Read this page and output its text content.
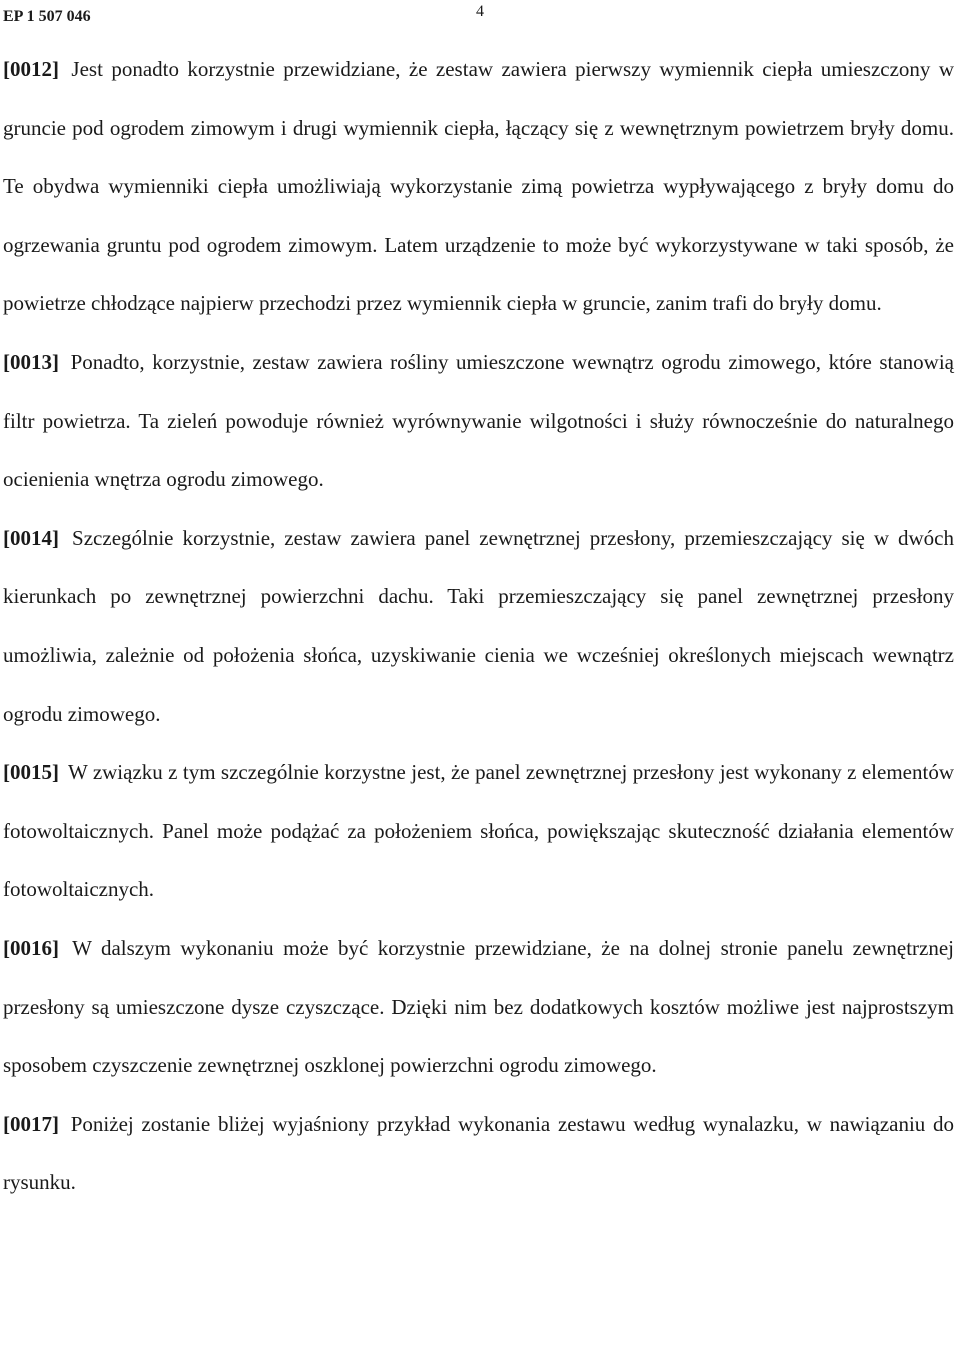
EP 1 507 046	4

[0012] Jest ponadto korzystnie przewidziane, że zestaw zawiera pierwszy wymiennik ciepła umieszczony w gruncie pod ogrodem zimowym i drugi wymiennik ciepła, łączący się z wewnętrznym powietrzem bryły domu. Te obydwa wymienniki ciepła umożliwiają wykorzystanie zimą powietrza wypływającego z bryły domu do ogrzewania gruntu pod ogrodem zimowym. Latem urządzenie to może być wykorzystywane w taki sposób, że powietrze chłodzące najpierw przechodzi przez wymiennik ciepła w gruncie, zanim trafi do bryły domu.

[0013] Ponadto, korzystnie, zestaw zawiera rośliny umieszczone wewnątrz ogrodu zimowego, które stanowią filtr powietrza. Ta zieleń powoduje również wyrównywanie wilgotności i służy równocześnie do naturalnego ocienienia wnętrza ogrodu zimowego.

[0014] Szczególnie korzystnie, zestaw zawiera panel zewnętrznej przesłony, przemieszczający się w dwóch kierunkach po zewnętrznej powierzchni dachu. Taki przemieszczający się panel zewnętrznej przesłony umożliwia, zależnie od położenia słońca, uzyskiwanie cienia we wcześniej określonych miejscach wewnątrz ogrodu zimowego.

[0015] W związku z tym szczególnie korzystne jest, że panel zewnętrznej przesłony jest wykonany z elementów fotowoltaicznych. Panel może podążać za położeniem słońca, powiększając skuteczność działania elementów fotowoltaicznych.

[0016] W dalszym wykonaniu może być korzystnie przewidziane, że na dolnej stronie panelu zewnętrznej przesłony są umieszczone dysze czyszczące. Dzięki nim bez dodatkowych kosztów możliwe jest najprostszym sposobem czyszczenie zewnętrznej oszklonej powierzchni ogrodu zimowego.

[0017] Poniżej zostanie bliżej wyjaśniony przykład wykonania zestawu według wynalazku, w nawiązaniu do rysunku.
